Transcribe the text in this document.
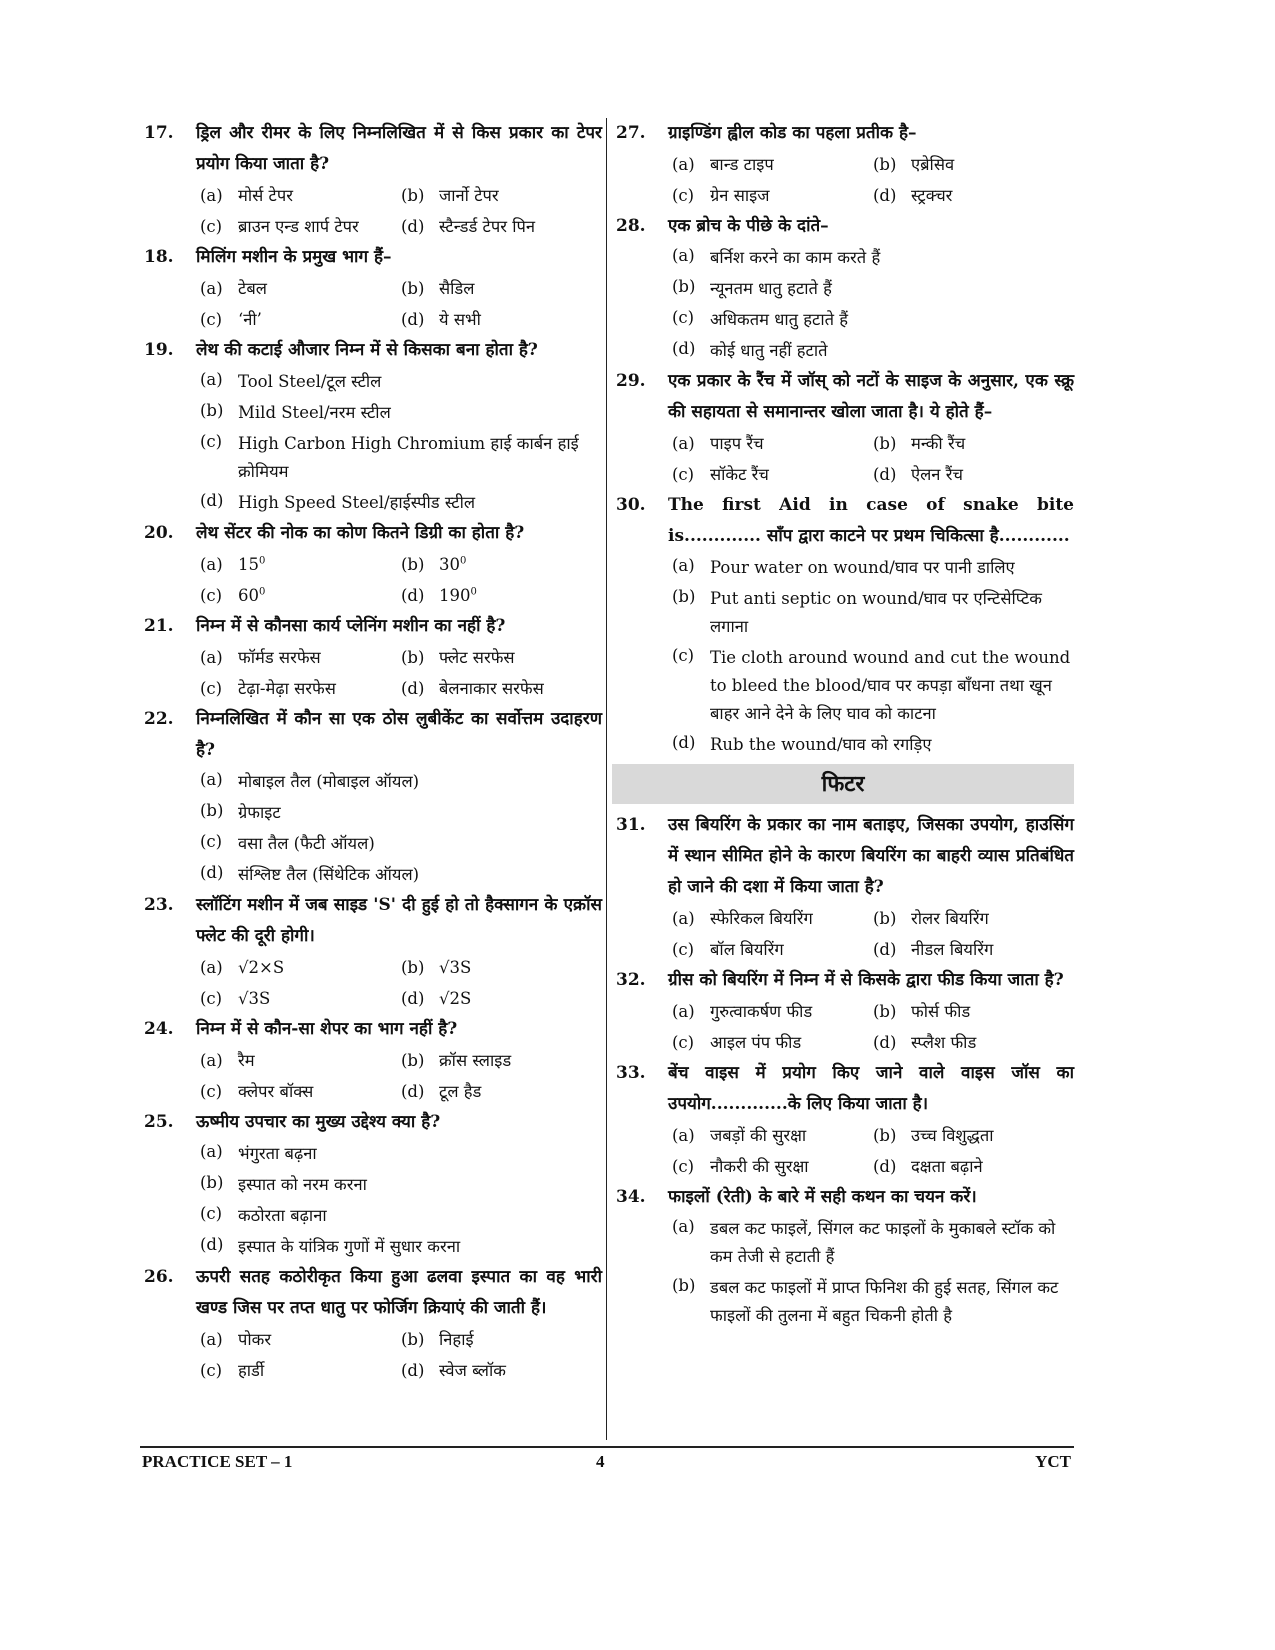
17. ड्रिल और रीमर के लिए निम्नलिखित में से किस प्रकार का टेपर प्रयोग किया जाता है?
(a) मोर्स टेपर	(b) जार्नो टेपर
(c) ब्राउन एन्ड शार्प टेपर	(d) स्टैन्डर्ड टेपर पिन
18. मिलिंग मशीन के प्रमुख भाग हैं–
(a) टेबल	(b) सैडिल
(c) ‘नी’	(d) ये सभी
19. लेथ की कटाई औजार निम्न में से किसका बना होता है?
(a) Tool Steel/टूल स्टील
(b) Mild Steel/नरम स्टील
(c) High Carbon High Chromium हाई कार्बन हाई क्रोमियम
(d) High Speed Steel/हाईस्पीड स्टील
20. लेथ सेंटर की नोक का कोण कितने डिग्री का होता है?
(a) $15^0$	(b) $30^0$
(c) $60^0$	(d) $190^0$
21. निम्न में से कौनसा कार्य प्लेनिंग मशीन का नहीं है?
(a) फॉर्मड सरफेस	(b) फ्लेट सरफेस
(c) टेढ़ा-मेढ़ा सरफेस	(d) बेलनाकार सरफेस
22. निम्नलिखित में कौन सा एक ठोस लुबीकेंट का सर्वोत्तम उदाहरण है?
(a) मोबाइल तैल (मोबाइल ऑयल)
(b) ग्रेफाइट
(c) वसा तैल (फैटी ऑयल)
(d) संश्लिष्ट तैल (सिंथेटिक ऑयल)
23. स्लॉटिंग मशीन में जब साइड 'S' दी हुई हो तो हैक्सागन के एक्रॉस फ्लेट की दूरी होगी।
(a) √2×S	(b) √3S
(c) √3S	(d) √2S
24. निम्न में से कौन-सा शेपर का भाग नहीं है?
(a) रैम	(b) क्रॉस स्लाइड
(c) क्लेपर बॉक्स	(d) टूल हैड
25. ऊष्मीय उपचार का मुख्य उद्देश्य क्या है?
(a) भंगुरता बढ़ना
(b) इस्पात को नरम करना
(c) कठोरता बढ़ाना
(d) इस्पात के यांत्रिक गुणों में सुधार करना
26. ऊपरी सतह कठोरीकृत किया हुआ ढलवा इस्पात का वह भारी खण्ड जिस पर तप्त धातु पर फोर्जिग क्रियाएं की जाती हैं।
(a) पोकर	(b) निहाई
(c) हार्डी	(d) स्वेज ब्लॉक
27. ग्राइण्डिंग ह्वील कोड का पहला प्रतीक है–
(a) बान्ड टाइप	(b) एब्रेसिव
(c) ग्रेन साइज	(d) स्ट्रक्चर
28. एक ब्रोच के पीछे के दांते–
(a) बर्निश करने का काम करते हैं
(b) न्यूनतम धातु हटाते हैं
(c) अधिकतम धातु हटाते हैं
(d) कोई धातु नहीं हटाते
29. एक प्रकार के रैंच में जॉस् को नटों के साइज के अनुसार, एक स्क्रू की सहायता से समानान्तर खोला जाता है। ये होते हैं–
(a) पाइप रैंच	(b) मन्की रैंच
(c) सॉकेट रैंच	(d) ऐलन रैंच
30. The first Aid in case of snake bite is............. साँप द्वारा काटने पर प्रथम चिकित्सा है............
(a) Pour water on wound/घाव पर पानी डालिए
(b) Put anti septic on wound/घाव पर एन्टिसेप्टिक लगाना
(c) Tie cloth around wound and cut the wound to bleed the blood/घाव पर कपड़ा बाँधना तथा खून बाहर आने देने के लिए घाव को काटना
(d) Rub the wound/घाव को रगड़िए
फिटर
31. उस बियरिंग के प्रकार का नाम बताइए, जिसका उपयोग, हाउसिंग में स्थान सीमित होने के कारण बियरिंग का बाहरी व्यास प्रतिबंधित हो जाने की दशा में किया जाता है?
(a) स्फेरिकल बियरिंग	(b) रोलर बियरिंग
(c) बॉल बियरिंग	(d) नीडल बियरिंग
32. ग्रीस को बियरिंग में निम्न में से किसके द्वारा फीड किया जाता है?
(a) गुरुत्वाकर्षण फीड	(b) फोर्स फीड
(c) आइल पंप फीड	(d) स्प्लैश फीड
33. बेंच वाइस में प्रयोग किए जाने वाले वाइस जॉस का उपयोग.............के लिए किया जाता है।
(a) जबड़ों की सुरक्षा	(b) उच्च विशुद्धता
(c) नौकरी की सुरक्षा	(d) दक्षता बढ़ाने
34. फाइलों (रेती) के बारे में सही कथन का चयन करें।
(a) डबल कट फाइलें, सिंगल कट फाइलों के मुकाबले स्टॉक को कम तेजी से हटाती हैं
(b) डबल कट फाइलों में प्राप्त फिनिश की हुई सतह, सिंगल कट फाइलों की तुलना में बहुत चिकनी होती है
PRACTICE SET – 1	4	YCT
